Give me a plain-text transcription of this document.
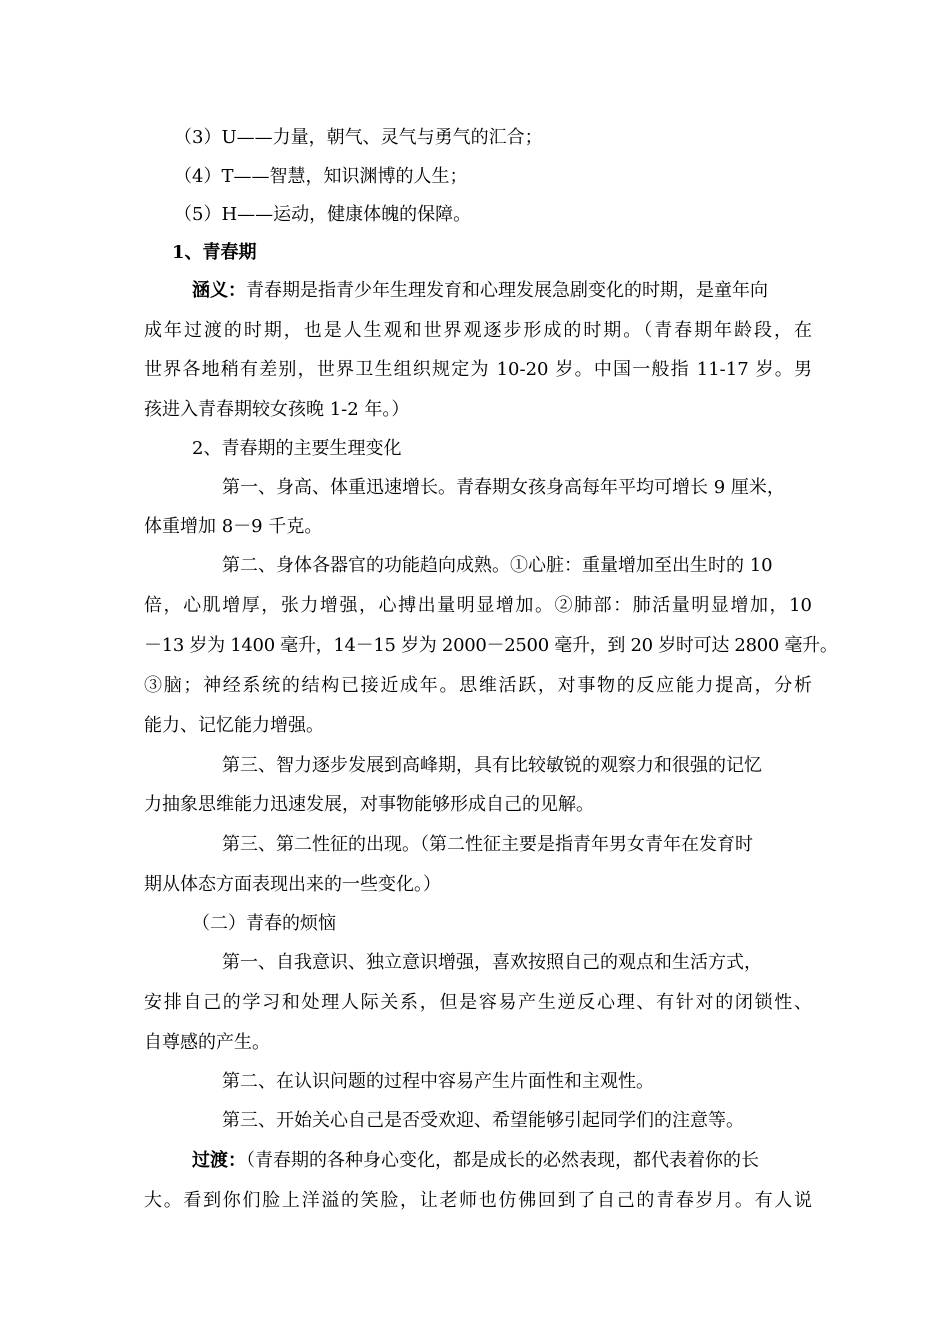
（3）U——力量，朝气、灵气与勇气的汇合；

（4）T——智慧，知识渊博的人生；

（5）H——运动，健康体魄的保障。

1、青春期

涵义：青春期是指青少年生理发育和心理发展急剧变化的时期，是童年向

成年过渡的时期，也是人生观和世界观逐步形成的时期。（青春期年龄段，在

世界各地稍有差别，世界卫生组织规定为 10-20 岁。中国一般指 11-17 岁。男

孩进入青春期较女孩晚 1-2 年。）

2、青春期的主要生理变化

第一、身高、体重迅速增长。青春期女孩身高每年平均可增长 9 厘米，

体重增加 8－9 千克。

第二、身体各器官的功能趋向成熟。①心脏：重量增加至出生时的 10

倍，心肌增厚，张力增强，心搏出量明显增加。②肺部：肺活量明显增加，10

－13 岁为 1400 毫升，14－15 岁为 2000－2500 毫升，到 20 岁时可达 2800 毫升。

③脑；神经系统的结构已接近成年。思维活跃，对事物的反应能力提高，分析

能力、记忆能力增强。

第三、智力逐步发展到高峰期，具有比较敏锐的观察力和很强的记忆

力抽象思维能力迅速发展，对事物能够形成自己的见解。

第三、第二性征的出现。（第二性征主要是指青年男女青年在发育时

期从体态方面表现出来的一些变化。）

（二）青春的烦恼

第一、自我意识、独立意识增强，喜欢按照自己的观点和生活方式，

安排自己的学习和处理人际关系，但是容易产生逆反心理、有针对的闭锁性、

自尊感的产生。

第二、在认识问题的过程中容易产生片面性和主观性。

第三、开始关心自己是否受欢迎、希望能够引起同学们的注意等。

过渡：（青春期的各种身心变化，都是成长的必然表现，都代表着你的长

大。看到你们脸上洋溢的笑脸，让老师也仿佛回到了自己的青春岁月。有人说
